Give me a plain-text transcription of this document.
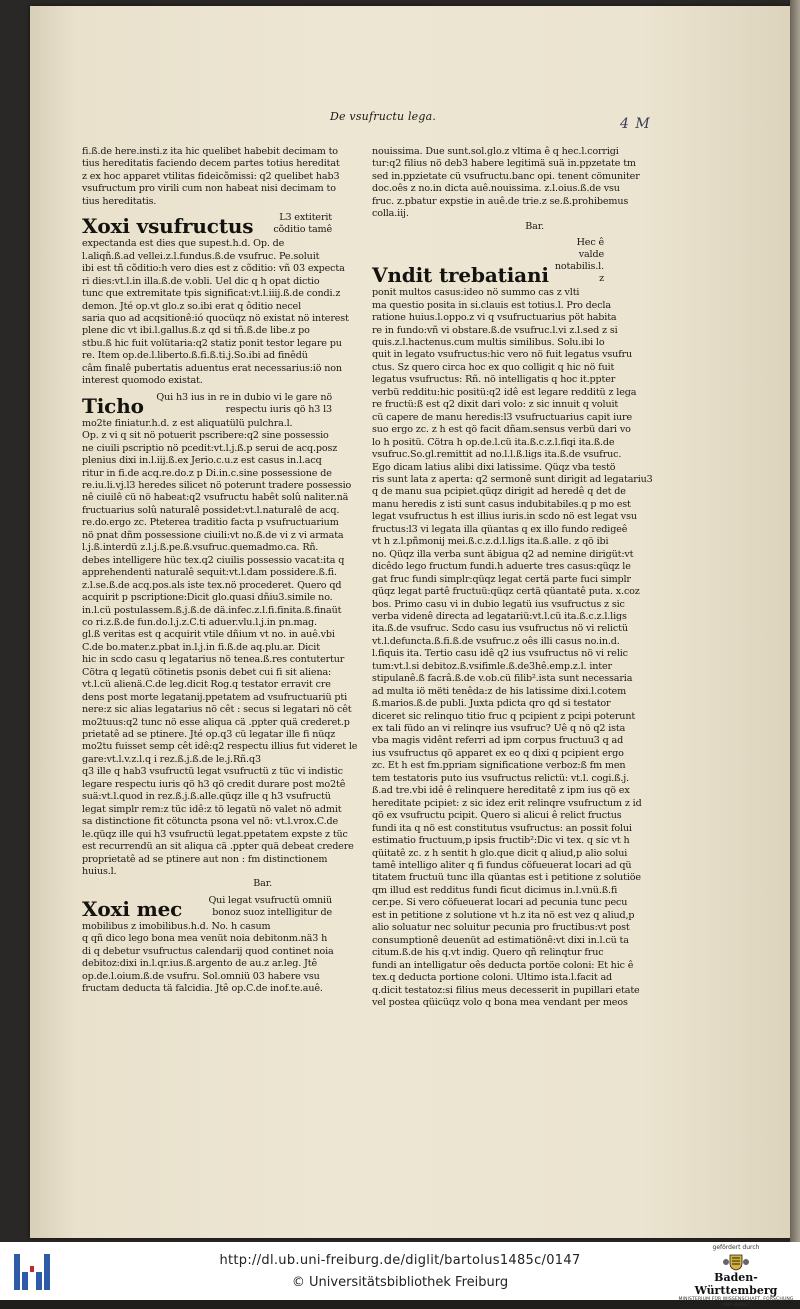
De vsufructu lega.	4 M

fi.ß.de here.insti.z ita hic quelibet habebit decimam to
tius hereditatis faciendo decem partes totius hereditat
z ex hoc apparet vtilitas fideicõmissi: q2 quelibet hab3
vsufructum pro virili cum non habeat nisi decimam to
tius hereditatis.

Xoxi vsufructus	L3 extiterit cõditio tamê

expectanda est dies que supest.h.d. Op. de
l.aliqñ.ß.ad vellei.z.l.fundus.ß.de vsufruc. Pe.soluit
ibi est tñ cõditio:h vero dies est z cõditio: vñ 03 expecta
ri dies:vt.l.in illa.ß.de v.obli. Uel dic q h opat dictio
tunc que extremitate tpis significat:vt.l.iiij.ß.de condi.z
demon. Jté op.vt glo.z so.ibi erat q ôditio necel
saria quo ad acqsitionê:ió quocüqz nö existat nö interest
plene dic vt ibi.l.gallus.ß.z qd si tñ.ß.de libe.z po
stbu.ß hic fuit volütaria:q2 statiz ponit testor legare pu
re. Item op.de.l.liberto.ß.fi.ß.ti.j.So.ibi ad finêdü
câm finalê pubertatis aduentus erat necessarius:iö non
interest quomodo existat.

Ticho	Qui h3 ius in re in dubio vi le gare nö respectu iuris qö h3 l3

mo2te finiatur.h.d. z est aliquatülü pulchra.l.
Op. z vi q sit nö potuerit pscribere:q2 sine possessio
ne ciuili pscriptio nö pcedit:vt.l.j.ß.p serui de acq.posz
plenius dixi in.l.iij.ß.ex Jerio.c.u.z est casus in.l.acq
ritur in fi.de acq.re.do.z p Di.in.c.sine possessione de
re.iu.li.vj.l3 heredes silicet nö poterunt tradere possessio
nê ciuilê cü nö habeat:q2 vsufructu habêt solû naliter.nä
fructuarius solû naturalê possidet:vt.l.naturalê de acq.
re.do.ergo zc. Pteterea traditio facta p vsufructuarium
nö pnat dñm possessione ciuili:vt no.ß.de vi z vi armata
l.j.ß.interdü z.l.j.ß.pe.ß.vsufruc.quemadmo.ca. Rñ.
debes intelligere hüc tex.q2 ciuilis possessio vacat:ita q
apprehendenti naturalê sequit:vt.l.dam possidere.ß.fi.
z.l.se.ß.de acq.pos.als iste tex.nö procederet. Quero qd
acquirit p pscriptione:Dicit glo.quasi dñiu3.simile no.
in.l.cü postulassem.ß.j.ß.de dä.infec.z.l.fi.finita.ß.finaüt
co ri.z.ß.de fun.do.l.j.z.C.ti aduer.vlu.l.j.in pn.mag.
gl.ß veritas est q acquirit vtile dñium vt no. in auê.vbi
C.de bo.mater.z.pbat in.l.j.in fi.ß.de aq.plu.ar. Dicit
hic in scdo casu q legatarius nö tenea.ß.res contutertur
Cötra q legatü cötinetis psonis debet cui fi sit aliena:
vt.l.cü alienä.C.de leg.dicit Rog.q testator erravit cre
dens post morte legatanij.ppetatem ad vsufructuariü pti
nere:z sic alias legatarius nö cêt : secus si legatari nö cêt
mo2tuus:q2 tunc nö esse aliqua cä .ppter quä crederet.p
prietatê ad se ptinere. Jté op.q3 cü legatar ille fi nüqz
mo2tu fuisset semp cêt idê:q2 respectu illius fut videret le
gare:vt.l.v.z.l.q i rez.ß.j.ß.de le.j.Rñ.q3
q3 ille q hab3 vsufructü legat vsufructü z tüc vi indistic
legare respectu iuris qö h3 qö credit durare post mo2tê
suä:vt.l.quod in rez.ß.j.ß.alle.qüqz ille q h3 vsufructü
legat simplr rem:z tüc idê:z tö legatü nö valet nö admit
sa distinctione fit cötuncta psona vel nö: vt.l.vrox.C.de
le.qüqz ille qui h3 vsufructü legat.ppetatem expste z tüc
est recurrendü an sit aliqua cä .ppter quä debeat credere
proprietatê ad se ptinere aut non : fm distinctionem
huius.l.

Bar.
Xoxi mec	Qui legat vsufructü omniü bonoz suoz intelligitur de

mobilibus z imobilibus.h.d. No. h casum
q qñ dico lego bona mea venüt noia debitonm.nä3 h
di q debetur vsufructus calendarij quod continet noia
debitoz:dixi in.l.qr.ius.ß.argento de au.z ar.leg. Jtê
op.de.l.oium.ß.de vsufru. Sol.omniü 03 habere vsu
fructam deducta tä falcidia. Jtê op.C.de inof.te.auê.

nouissima. Due sunt.sol.glo.z vltima ê q hec.l.corrigi
tur:q2 filius nö deb3 habere legitimä suä in.ppzetate tm
sed in.ppzietate cü vsufructu.banc opi. tenent cömuniter
doc.oês z no.in dicta auê.nouissima. z.l.oius.ß.de vsu
fruc. z.pbatur expstie in auê.de trie.z se.ß.prohibemus
colla.iij.

Bar.
Vndit trebatiani
Hec ê valde notabilis.l. z

ponit multos casus:ideo nö summo cas z vlti
ma questio posita in si.clauis est totius.l. Pro decla
ratione huius.l.oppo.z vi q vsufructuarius pöt habita
re in fundo:vñ vi obstare.ß.de vsufruc.l.vi z.l.sed z si
quis.z.l.hactenus.cum multis similibus. Solu.ibi lo
quit in legato vsufructus:hic vero nö fuit legatus vsufru
ctus. Sz quero circa hoc ex quo colligit q hic nö fuit
legatus vsufructus: Rñ. nö intelligatis q hoc it.ppter
verbü redditu:hic positü:q2 idê est legare redditü z lega
re fructü:ß est q2 dixit dari volo: z sic innuit q voluit
cü capere de manu heredis:l3 vsufructuarius capit iure
suo ergo zc. z h est qö facit dñam.sensus verbü dari vo
lo h positü. Cötra h op.de.l.cü ita.ß.c.z.l.fiqi ita.ß.de
vsufruc.So.gl.remittit ad no.l.l.ß.ligs ita.ß.de vsufruc.
Ego dicam latius alibi dixi latissime. Qüqz vba testö
ris sunt lata z aperta: q2 sermonê sunt dirigit ad legatariu3
q de manu sua pcipiet.qüqz dirigit ad heredê q det de
manu heredis z isti sunt casus indubitabiles.q p mo est
legat vsufructus h est illius iuris.in scdo nö est legat vsu
fructus:l3 vi legata illa qüantas q ex illo fundo redigeê
vt h z.l.pñmonij mei.ß.c.z.d.l.ligs ita.ß.alle. z qö ibi
no. Qüqz illa verba sunt äbigua q2 ad nemine dirigüt:vt
dicêdo lego fructum fundi.h aduerte tres casus:qüqz le
gat fruc fundi simplr:qüqz legat certä parte fuci simplr
qüqz legat partê fructuü:qüqz certä qüantatê puta. x.coz
bos. Primo casu vi in dubio legatü ius vsufructus z sic
verba videnê directa ad legatariü:vt.l.cü ita.ß.c.z.l.ligs
ita.ß.de vsufruc. Scdo casu ius vsufructus nö vi relictü
vt.l.defuncta.ß.fi.ß.de vsufruc.z oês illi casus no.in.d.
l.fiquis ita. Tertio casu idê q2 ius vsufructus nö vi relic
tum:vt.l.si debitoz.ß.vsifimle.ß.de3hê.emp.z.l. inter
stipulanê.ß facrâ.ß.de v.ob.cü filib².ista sunt necessaria
ad multa iö mëti tenêda:z de his latissime dixi.l.cotem
ß.marios.ß.de publi. Juxta pdicta qro qd si testator
diceret sic relinquo titio fruc q pcipient z pcipi poterunt
ex tali füdo an vi relinqre ius vsufruc? Uê q nö q2 ista
vba magis vidênt referri ad ipm corpus fructuu3 q ad
ius vsufructus qö apparet ex eo q dixi q pcipient ergo
zc. Et h est fm.ppriam significatione verboz:ß fm men
tem testatoris puto ius vsufructus relictü: vt.l. cogi.ß.j.
ß.ad tre.vbi idê ê relinquere hereditatê z ipm ius qö ex
hereditate pcipiet: z sic idez erit relinqre vsufructum z id
qö ex vsufructu pcipit. Quero si alicui ê relict fructus
fundi ita q nö est constitutus vsufructus: an possit folui
estimatio fructuum,p ipsis fructib²:Dic vi tex. q sic vt h
qüitatê zc. z h sentit h glo.que dicit q aliud,p alio solui
tamê intelligo aliter q fi fundus cöfueuerat locari ad qü
titatem fructuü tunc illa qüantas est i petitione z solutiöe
qm illud est redditus fundi ficut dicimus in.l.vnü.ß.fi
cer.pe. Si vero cöfueuerat locari ad pecunia tunc pecu
est in petitione z solutione vt h.z ita nö est vez q aliud,p
alio soluatur nec soluitur pecunia pro fructibus:vt post
consumptionê deuenüt ad estimatiönê:vt dixi in.l.cü ta
citum.ß.de his q.vt indig. Quero qñ relinqtur fruc
fundi an intelligatur oês deducta portöe coloni: Et hic ê
tex.q deducta portione coloni. Ultimo ista.l.facit ad
q.dicit testatoz:si filius meus decesserit in pupillari etate
vel postea qüicüqz volo q bona mea vendant per meos

http://dl.ub.uni-freiburg.de/diglit/bartolus1485c/0147
© Universitätsbibliothek Freiburg
gefördert durch
Baden-Württemberg
MINISTERIUM FÜR WISSENSCHAFT, FORSCHUNG UND KUNST
